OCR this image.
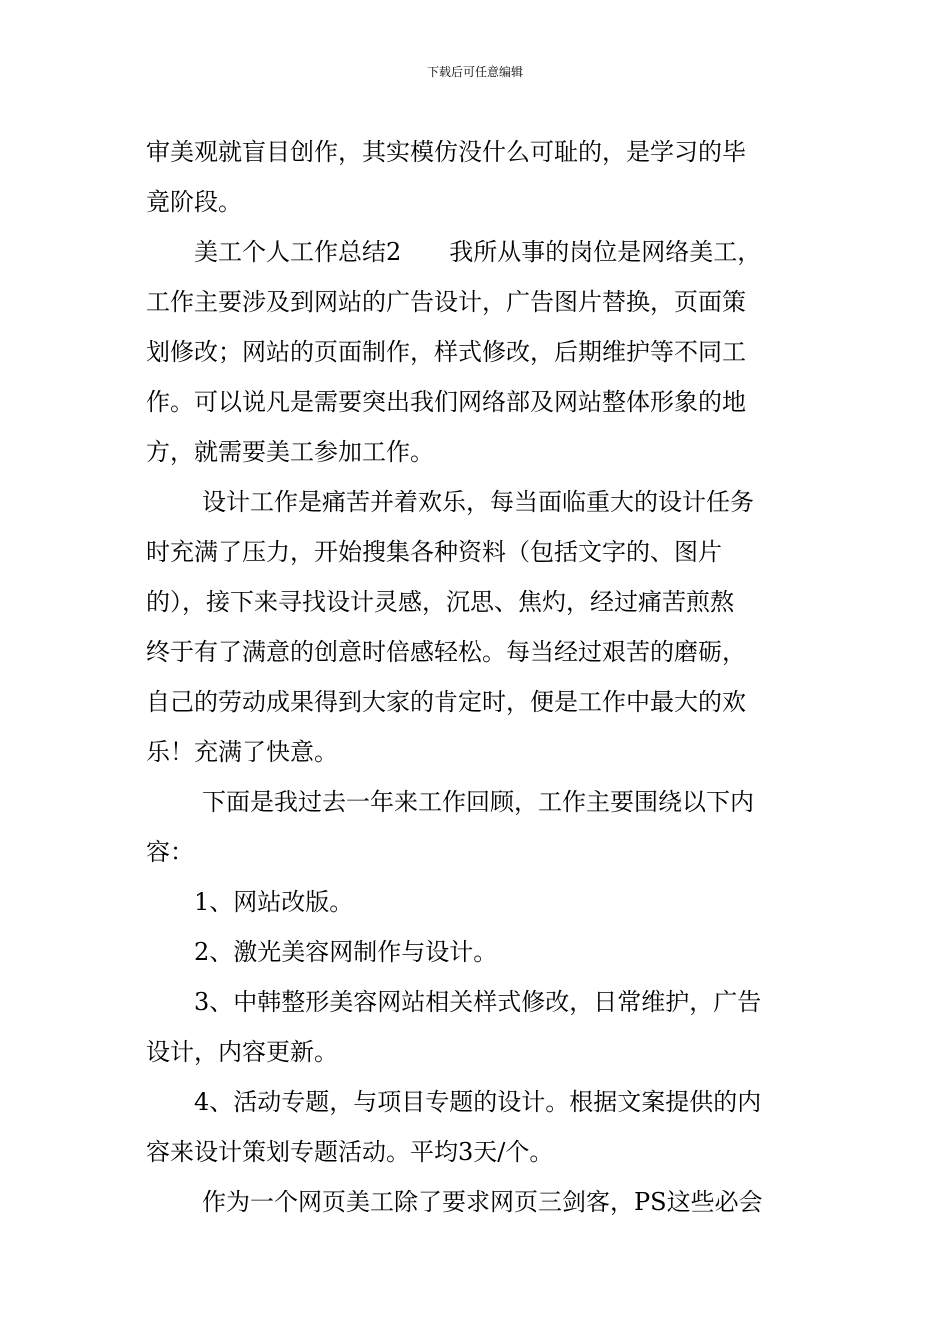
下载后可任意编辑
审美观就盲目创作，其实模仿没什么可耻的，是学习的毕
竟阶段。
美工个人工作总结2 我所从事的岗位是网络美工，
工作主要涉及到网站的广告设计，广告图片替换，页面策
划修改；网站的页面制作，样式修改，后期维护等不同工
作。可以说凡是需要突出我们网络部及网站整体形象的地
方，就需要美工参加工作。
设计工作是痛苦并着欢乐，每当面临重大的设计任务
时充满了压力，开始搜集各种资料（包括文字的、图片
的），接下来寻找设计灵感，沉思、焦灼，经过痛苦煎熬
终于有了满意的创意时倍感轻松。每当经过艰苦的磨砺，
自己的劳动成果得到大家的肯定时，便是工作中最大的欢
乐！充满了快意。
下面是我过去一年来工作回顾，工作主要围绕以下内
容：
1、网站改版。
2、激光美容网制作与设计。
3、中韩整形美容网站相关样式修改，日常维护，广告
设计，内容更新。
4、活动专题，与项目专题的设计。根据文案提供的内
容来设计策划专题活动。平均3天/个。
作为一个网页美工除了要求网页三剑客，PS这些必会
